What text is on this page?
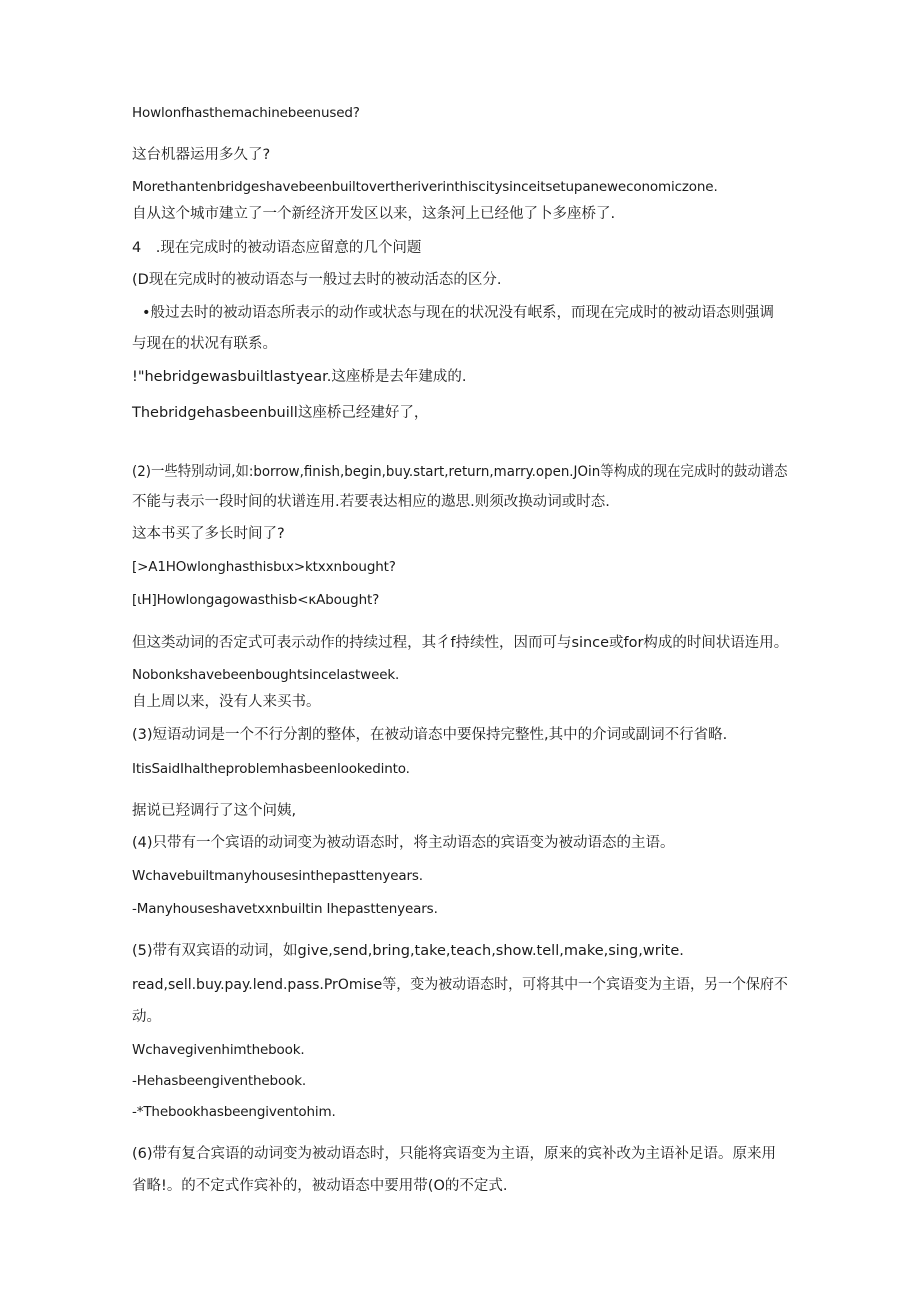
Howlonfhasthemachinebeenused?
这台机器运用多久了?
Morethantenbridgeshavebeenbuiltovertheriverinthiscitysinceitsetupaneweconomiczone.
自从这个城市建立了一个新经济开发区以来，这条河上已经他了卜多座桥了.
4　.现在完成时的被动语态应留意的几个问题
(D现在完成时的被动语态与一般过去时的被动活态的区分.
•般过去时的被动语态所表示的动作或状态与现在的状况没有岷系，而现在完成时的被动语态则强调
与现在的状况有联系。
!"hebridgewasbuiltlastyear.这座桥是去年建成的.
Thebridgehasbeenbuill这座桥己经建好了，
(2)一些特别动词,如:borrow,finish,begin,buy.start,return,marry.open.JOin等构成的现在完成时的鼓动谱态
不能与表示一段时间的状谱连用.若要表达相应的遨思.则须改换动词或时态.
这本书买了多长时间了?
[>A1HOwlonghasthisbιx>ktxxnbought?
[ιH]Howlongagowasthisb<κAbought?
但这类动词的否定式可表示动作的持续过程，其彳f持续性，因而可与since或for构成的时间状语连用。
Nobonkshavebeenboughtsincelastweek.
自上周以来，没有人来买书。
(3)短语动词是一个不行分割的整体，在被动谙态中要保持完整性,其中的介词或副词不行省略.
ItisSaidIhaltheproblemhasbeenlookedinto.
据说已羟调行了这个问姨,
(4)只带有一个宾语的动词变为被动语态时，将主动语态的宾语变为被动语态的主语。
Wchavebuiltmanyhousesinthepasttenyears.
-Manyhouseshavetxxnbuiltin Ihepasttenyears.
(5)带有双宾语的动词，如give,send,bring,take,teach,show.tell,make,sing,write.
read,sell.buy.pay.lend.pass.PrOmise等，变为被动语态时，可将其中一个宾语变为主语，另一个保府不
动。
Wchavegivenhimthebook.
-Hehasbeengiventhebook.
-*Thebookhasbeengiventohim.
(6)带有复合宾语的动词变为被动语态时，只能将宾语变为主语，原来的宾补改为主语补足语。原来用
省略!。的不定式作宾补的，被动语态中要用带(O的不定式.
